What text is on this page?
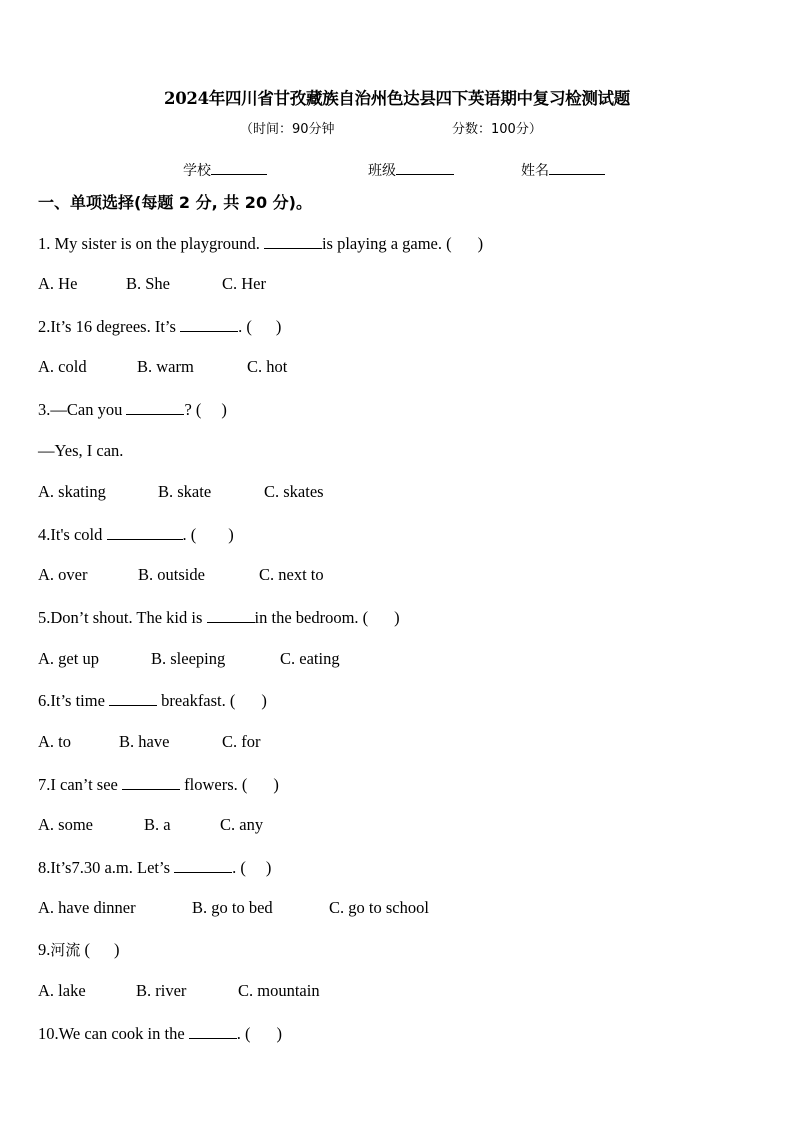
2024年四川省甘孜藏族自治州色达县四下英语期中复习检测试题
（时间：90分钟	分数：100分）
学校	班级	姓名
一、单项选择(每题 2 分, 共 20 分)。
1. My sister is on the playground.	is playing a game. ( )
A. He	B. She	C. Her
2.It’s 16 degrees. It’s	. ( )
A. cold	B. warm	C. hot
3.—Can you	? ( )
—Yes, I can.
A. skating	B. skate	C. skates
4.It's cold	. ( )
A. over	B. outside	C. next to
5.Don’t shout. The kid is	in the bedroom. ( )
A. get up	B. sleeping	C. eating
6.It’s time	breakfast. ( )
A. to	B. have	C. for
7.I can’t see	flowers. ( )
A. some	B. a	C. any
8.It’s7.30 a.m. Let’s	. ( )
A. have dinner	B. go to bed	C. go to school
9.河流 ( )
A. lake	B. river	C. mountain
10.We can cook in the	. ( )
